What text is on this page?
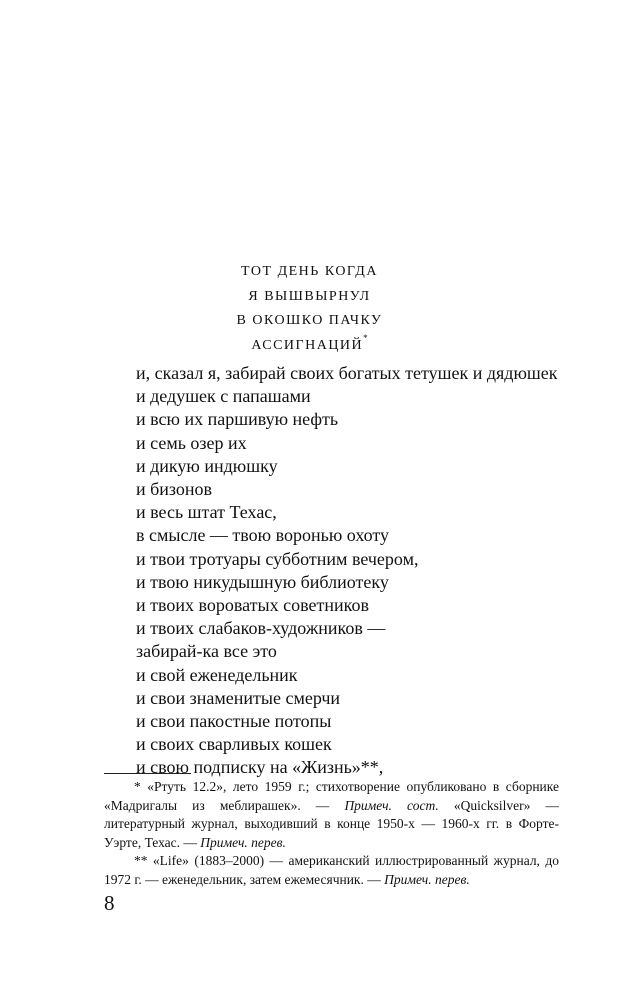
ТОТ ДЕНЬ КОГДА
Я ВЫШВЫРНУЛ
В ОКОШКО ПАЧКУ
АССИГНАЦИЙ*
и, сказал я, забирай своих богатых тетушек и дядюшек
и дедушек с папашами
и всю их паршивую нефть
и семь озер их
и дикую индюшку
и бизонов
и весь штат Техас,
в смысле — твою воронью охоту
и твои тротуары субботним вечером,
и твою никудышную библиотеку
и твоих вороватых советников
и твоих слабаков-художников —
забирай-ка все это
и свой еженедельник
и свои знаменитые смерчи
и свои пакостные потопы
и своих сварливых кошек
и свою подписку на «Жизнь»**,

* «Ртуть 12.2», лето 1959 г.; стихотворение опубликовано в сборнике «Мадригалы из меблирашек». — Примеч. сост. «Quicksilver» — литературный журнал, выходивший в конце 1950-х — 1960-х гг. в Форте-Уэрте, Техас. — Примеч. перев.

** «Life» (1883–2000) — американский иллюстрированный журнал, до 1972 г. — еженедельник, затем ежемесячник. — Примеч. перев.

8
